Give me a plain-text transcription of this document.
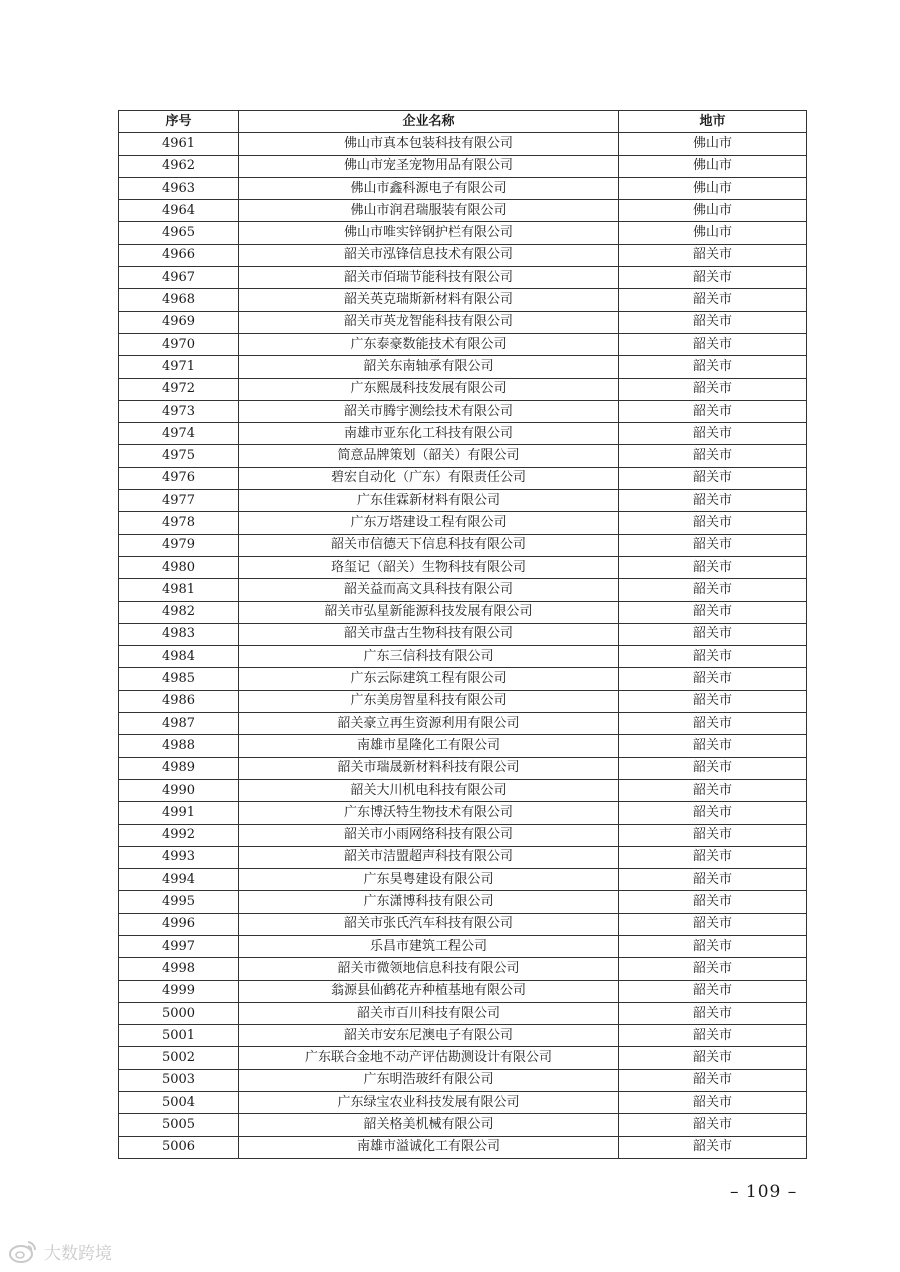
序号	企业名称	地市
4961	佛山市真本包装科技有限公司	佛山市
4962	佛山市宠圣宠物用品有限公司	佛山市
4963	佛山市鑫科源电子有限公司	佛山市
4964	佛山市润君瑞服装有限公司	佛山市
4965	佛山市唯实锌钢护栏有限公司	佛山市
4966	韶关市泓锋信息技术有限公司	韶关市
4967	韶关市佰瑞节能科技有限公司	韶关市
4968	韶关英克瑞斯新材料有限公司	韶关市
4969	韶关市英龙智能科技有限公司	韶关市
4970	广东泰豪数能技术有限公司	韶关市
4971	韶关东南轴承有限公司	韶关市
4972	广东熙晟科技发展有限公司	韶关市
4973	韶关市腾宇测绘技术有限公司	韶关市
4974	南雄市亚东化工科技有限公司	韶关市
4975	简意品牌策划（韶关）有限公司	韶关市
4976	碧宏自动化（广东）有限责任公司	韶关市
4977	广东佳霖新材料有限公司	韶关市
4978	广东万塔建设工程有限公司	韶关市
4979	韶关市信德天下信息科技有限公司	韶关市
4980	珞玺记（韶关）生物科技有限公司	韶关市
4981	韶关益而高文具科技有限公司	韶关市
4982	韶关市弘星新能源科技发展有限公司	韶关市
4983	韶关市盘古生物科技有限公司	韶关市
4984	广东三信科技有限公司	韶关市
4985	广东云际建筑工程有限公司	韶关市
4986	广东美房智星科技有限公司	韶关市
4987	韶关豪立再生资源利用有限公司	韶关市
4988	南雄市星隆化工有限公司	韶关市
4989	韶关市瑞晟新材料科技有限公司	韶关市
4990	韶关大川机电科技有限公司	韶关市
4991	广东博沃特生物技术有限公司	韶关市
4992	韶关市小雨网络科技有限公司	韶关市
4993	韶关市洁盟超声科技有限公司	韶关市
4994	广东昊粤建设有限公司	韶关市
4995	广东潇博科技有限公司	韶关市
4996	韶关市张氏汽车科技有限公司	韶关市
4997	乐昌市建筑工程公司	韶关市
4998	韶关市微领地信息科技有限公司	韶关市
4999	翁源县仙鹤花卉种植基地有限公司	韶关市
5000	韶关市百川科技有限公司	韶关市
5001	韶关市安东尼澳电子有限公司	韶关市
5002	广东联合金地不动产评估勘测设计有限公司	韶关市
5003	广东明浩玻纤有限公司	韶关市
5004	广东绿宝农业科技发展有限公司	韶关市
5005	韶关格美机械有限公司	韶关市
5006	南雄市溢诚化工有限公司	韶关市
– 109 –
大数跨境
